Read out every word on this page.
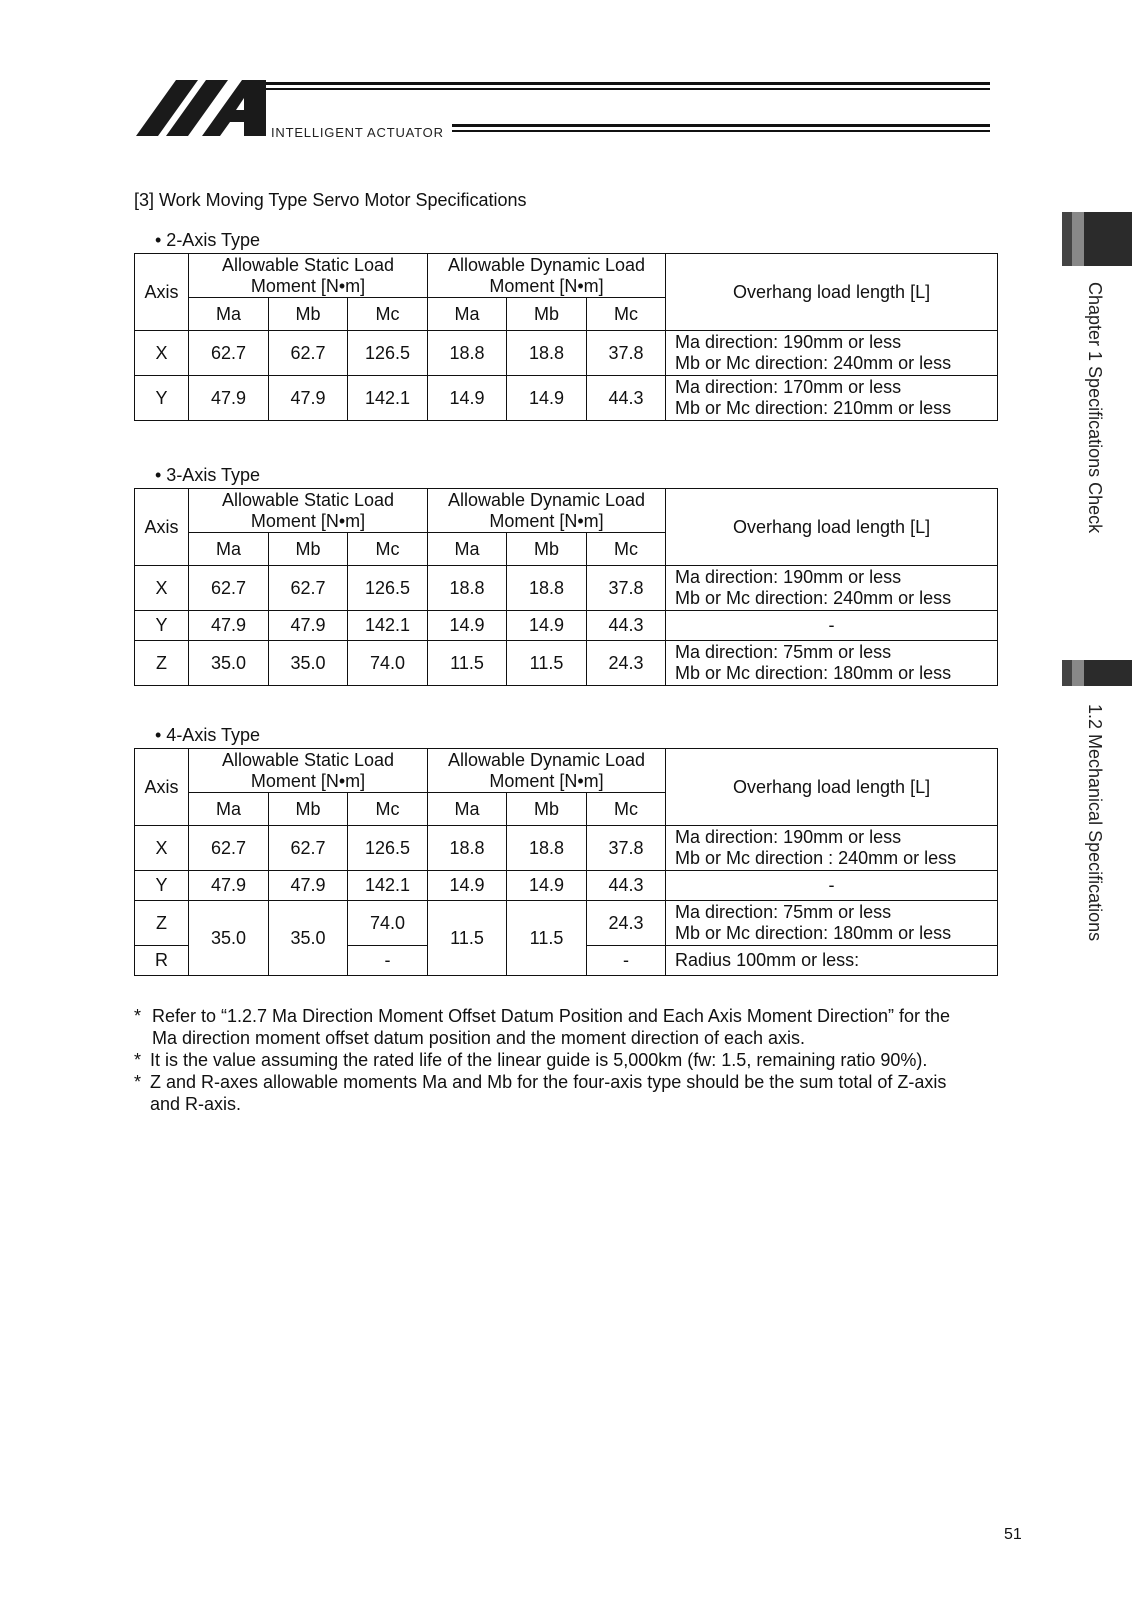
INTELLIGENT ACTUATOR
Chapter 1 Specifications Check
1.2 Mechanical Specifications
[3] Work Moving Type Servo Motor Specifications
• 2-Axis Type
Axis	Allowable Static Load Moment [N•m]			Allowable Dynamic Load Moment [N•m]			Overhang load length [L]
	Ma	Mb	Mc	Ma	Mb	Mc	
X	62.7	62.7	126.5	18.8	18.8	37.8	Ma direction: 190mm or less
Mb or Mc direction: 240mm or less

Y	47.9	47.9	142.1	14.9	14.9	44.3	Ma direction: 170mm or less
Mb or Mc direction: 210mm or less
• 3-Axis Type
Axis	Allowable Static Load Moment [N•m]			Allowable Dynamic Load Moment [N•m]			Overhang load length [L]
	Ma	Mb	Mc	Ma	Mb	Mc	
X	62.7	62.7	126.5	18.8	18.8	37.8	Ma direction: 190mm or less
Mb or Mc direction: 240mm or less

Y	47.9	47.9	142.1	14.9	14.9	44.3	-
Z	35.0	35.0	74.0	11.5	11.5	24.3	Ma direction: 75mm or less
Mb or Mc direction: 180mm or less
• 4-Axis Type
Axis	Allowable Static Load Moment [N•m]			Allowable Dynamic Load Moment [N•m]			Overhang load length [L]
	Ma	Mb	Mc	Ma	Mb	Mc	
X	62.7	62.7	126.5	18.8	18.8	37.8	Ma direction: 190mm or less
Mb or Mc direction : 240mm or less

Y	47.9	47.9	142.1	14.9	14.9	44.3	-
Z	35.0	35.0	74.0	11.5	11.5	24.3	Ma direction: 75mm or less
Mb or Mc direction: 180mm or less

R			-			-	Radius 100mm or less:
* Refer to “1.2.7 Ma Direction Moment Offset Datum Position and Each Axis Moment Direction” for the
Ma direction moment offset datum position and the moment direction of each axis.
* It is the value assuming the rated life of the linear guide is 5,000km (fw: 1.5, remaining ratio 90%).
* Z and R-axes allowable moments Ma and Mb for the four-axis type should be the sum total of Z-axis
and R-axis.
51
